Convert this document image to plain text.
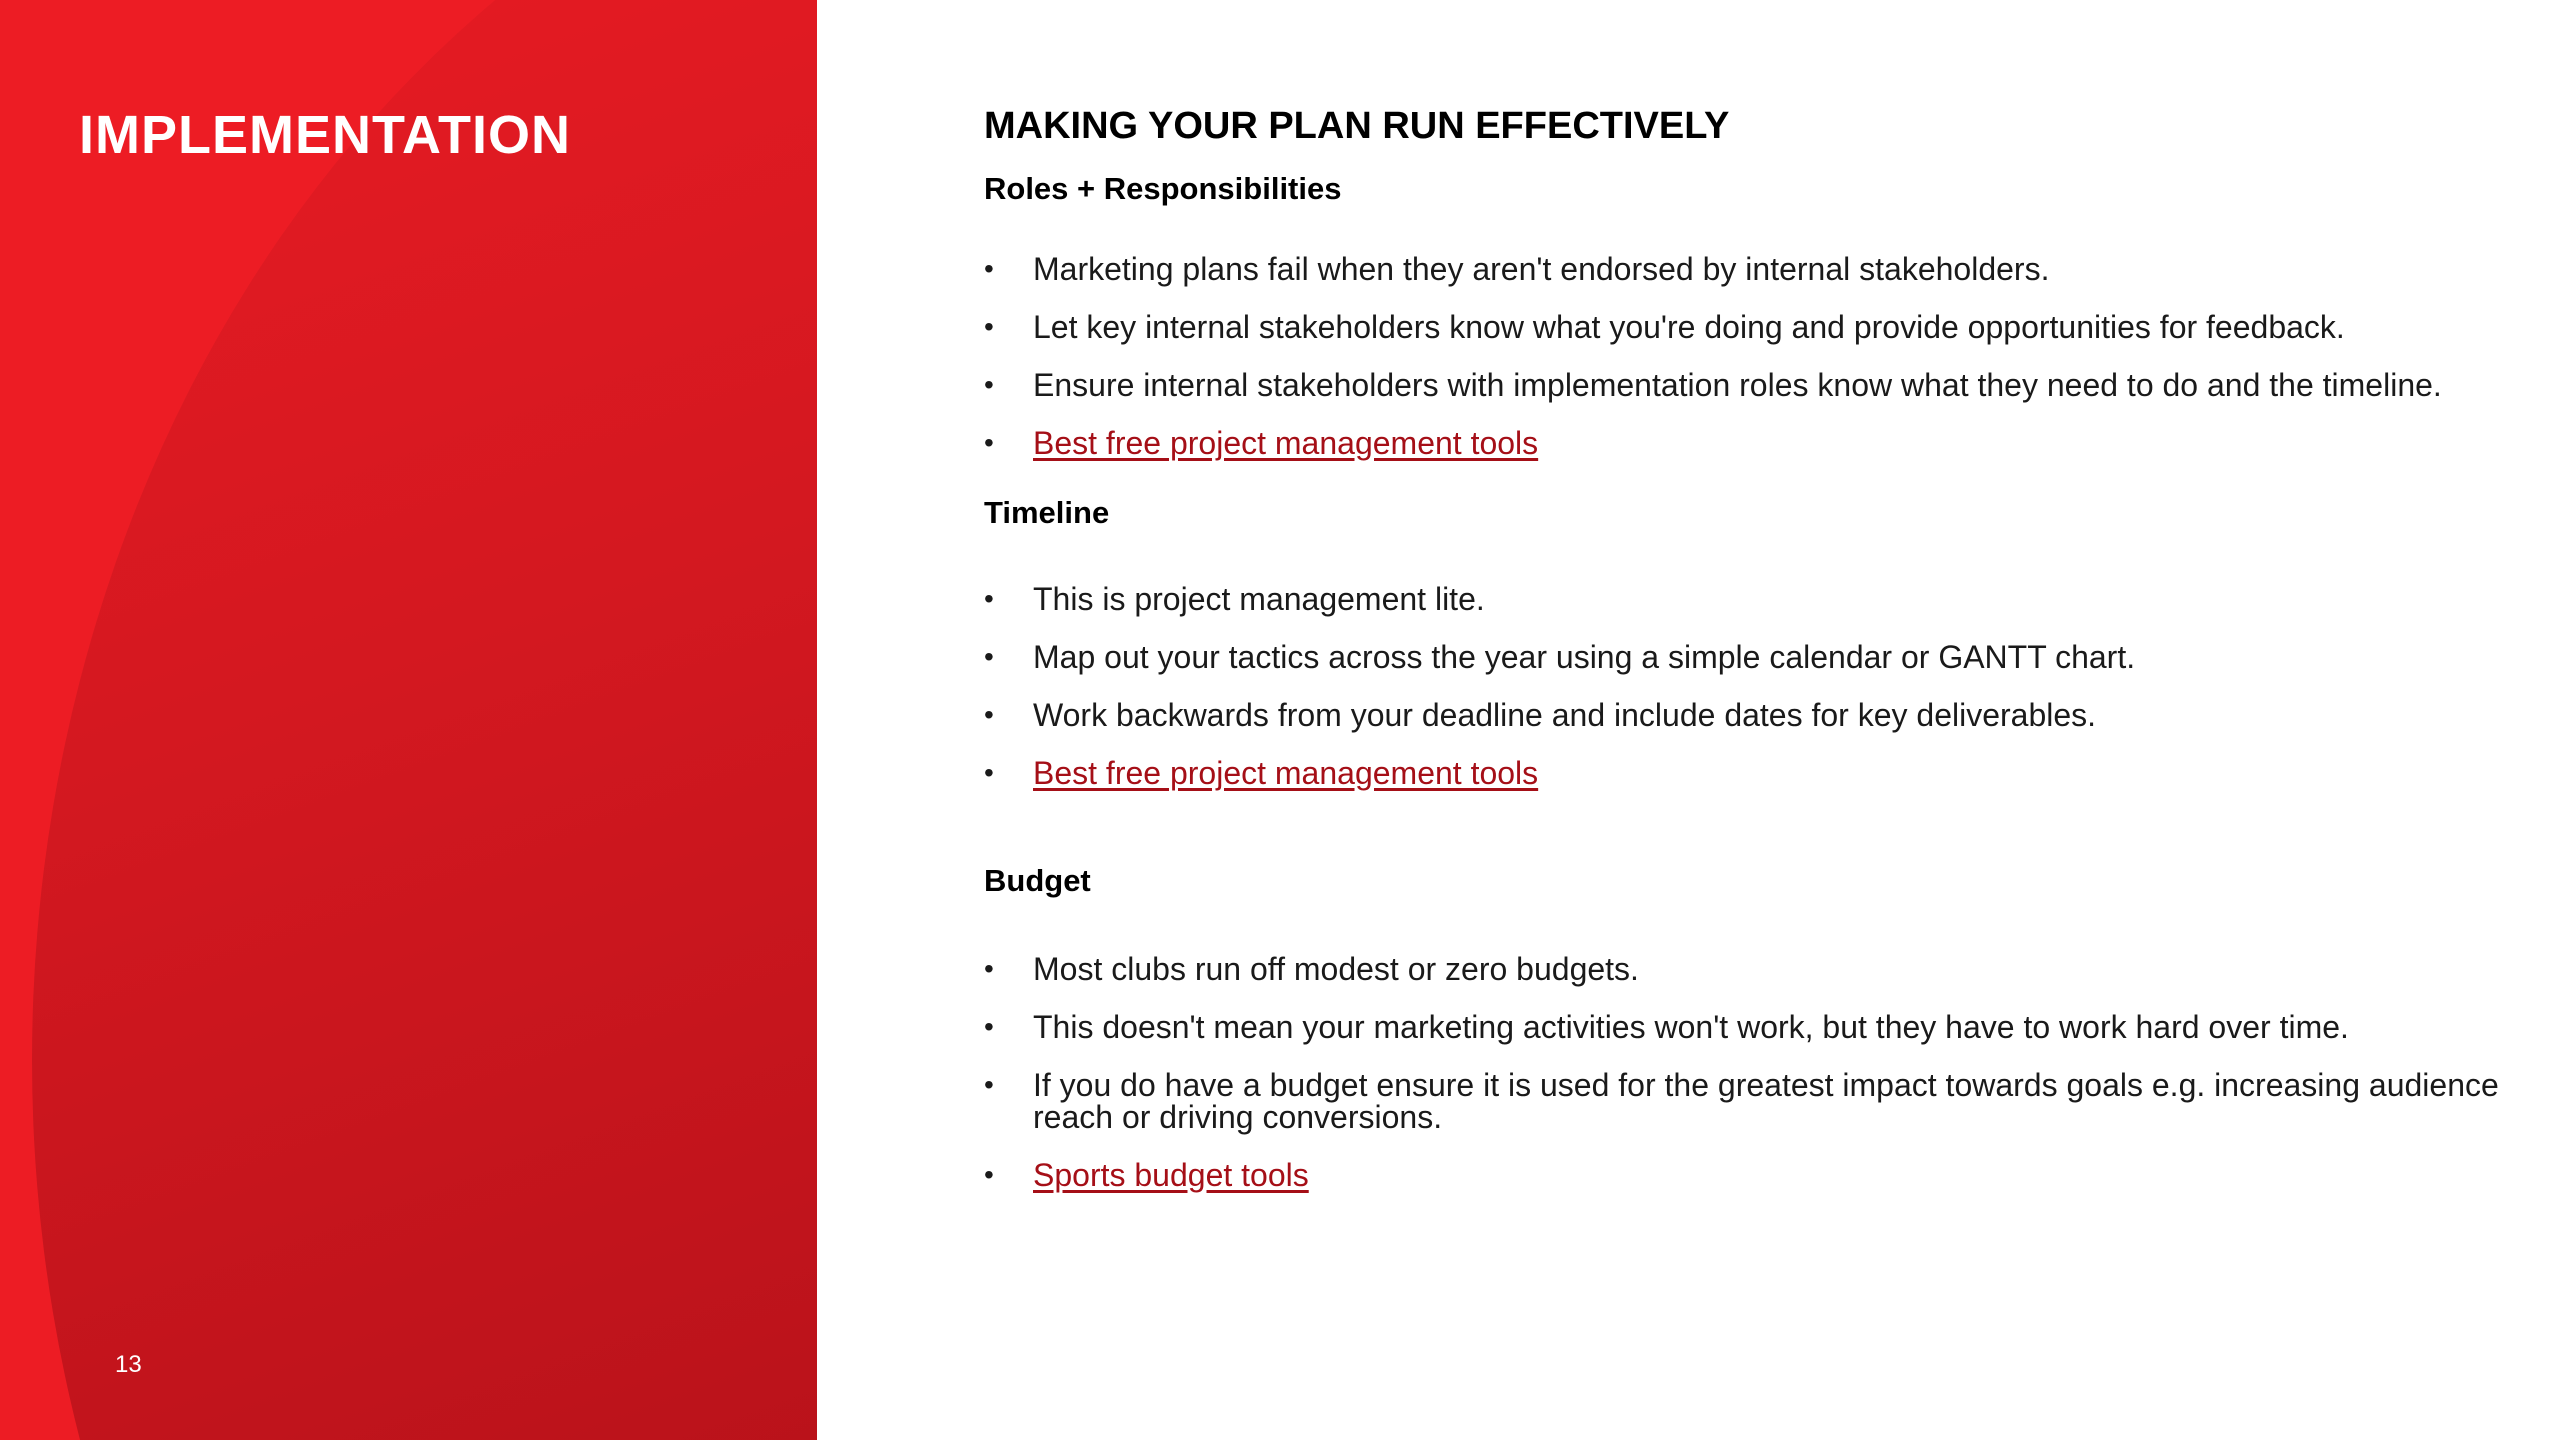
IMPLEMENTATION
13
MAKING YOUR PLAN RUN EFFECTIVELY
Roles + Responsibilities
• Marketing plans fail when they aren't endorsed by internal stakeholders.
• Let key internal stakeholders know what you're doing and provide opportunities for feedback.
• Ensure internal stakeholders with implementation roles know what they need to do and the timeline.
• Best free project management tools
Timeline
• This is project management lite.
• Map out your tactics across the year using a simple calendar or GANTT chart.
• Work backwards from your deadline and include dates for key deliverables.
• Best free project management tools
Budget
• Most clubs run off modest or zero budgets.
• This doesn't mean your marketing activities won't work, but they have to work hard over time.
• If you do have a budget ensure it is used for the greatest impact towards goals e.g. increasing audience reach or driving conversions.
• Sports budget tools
